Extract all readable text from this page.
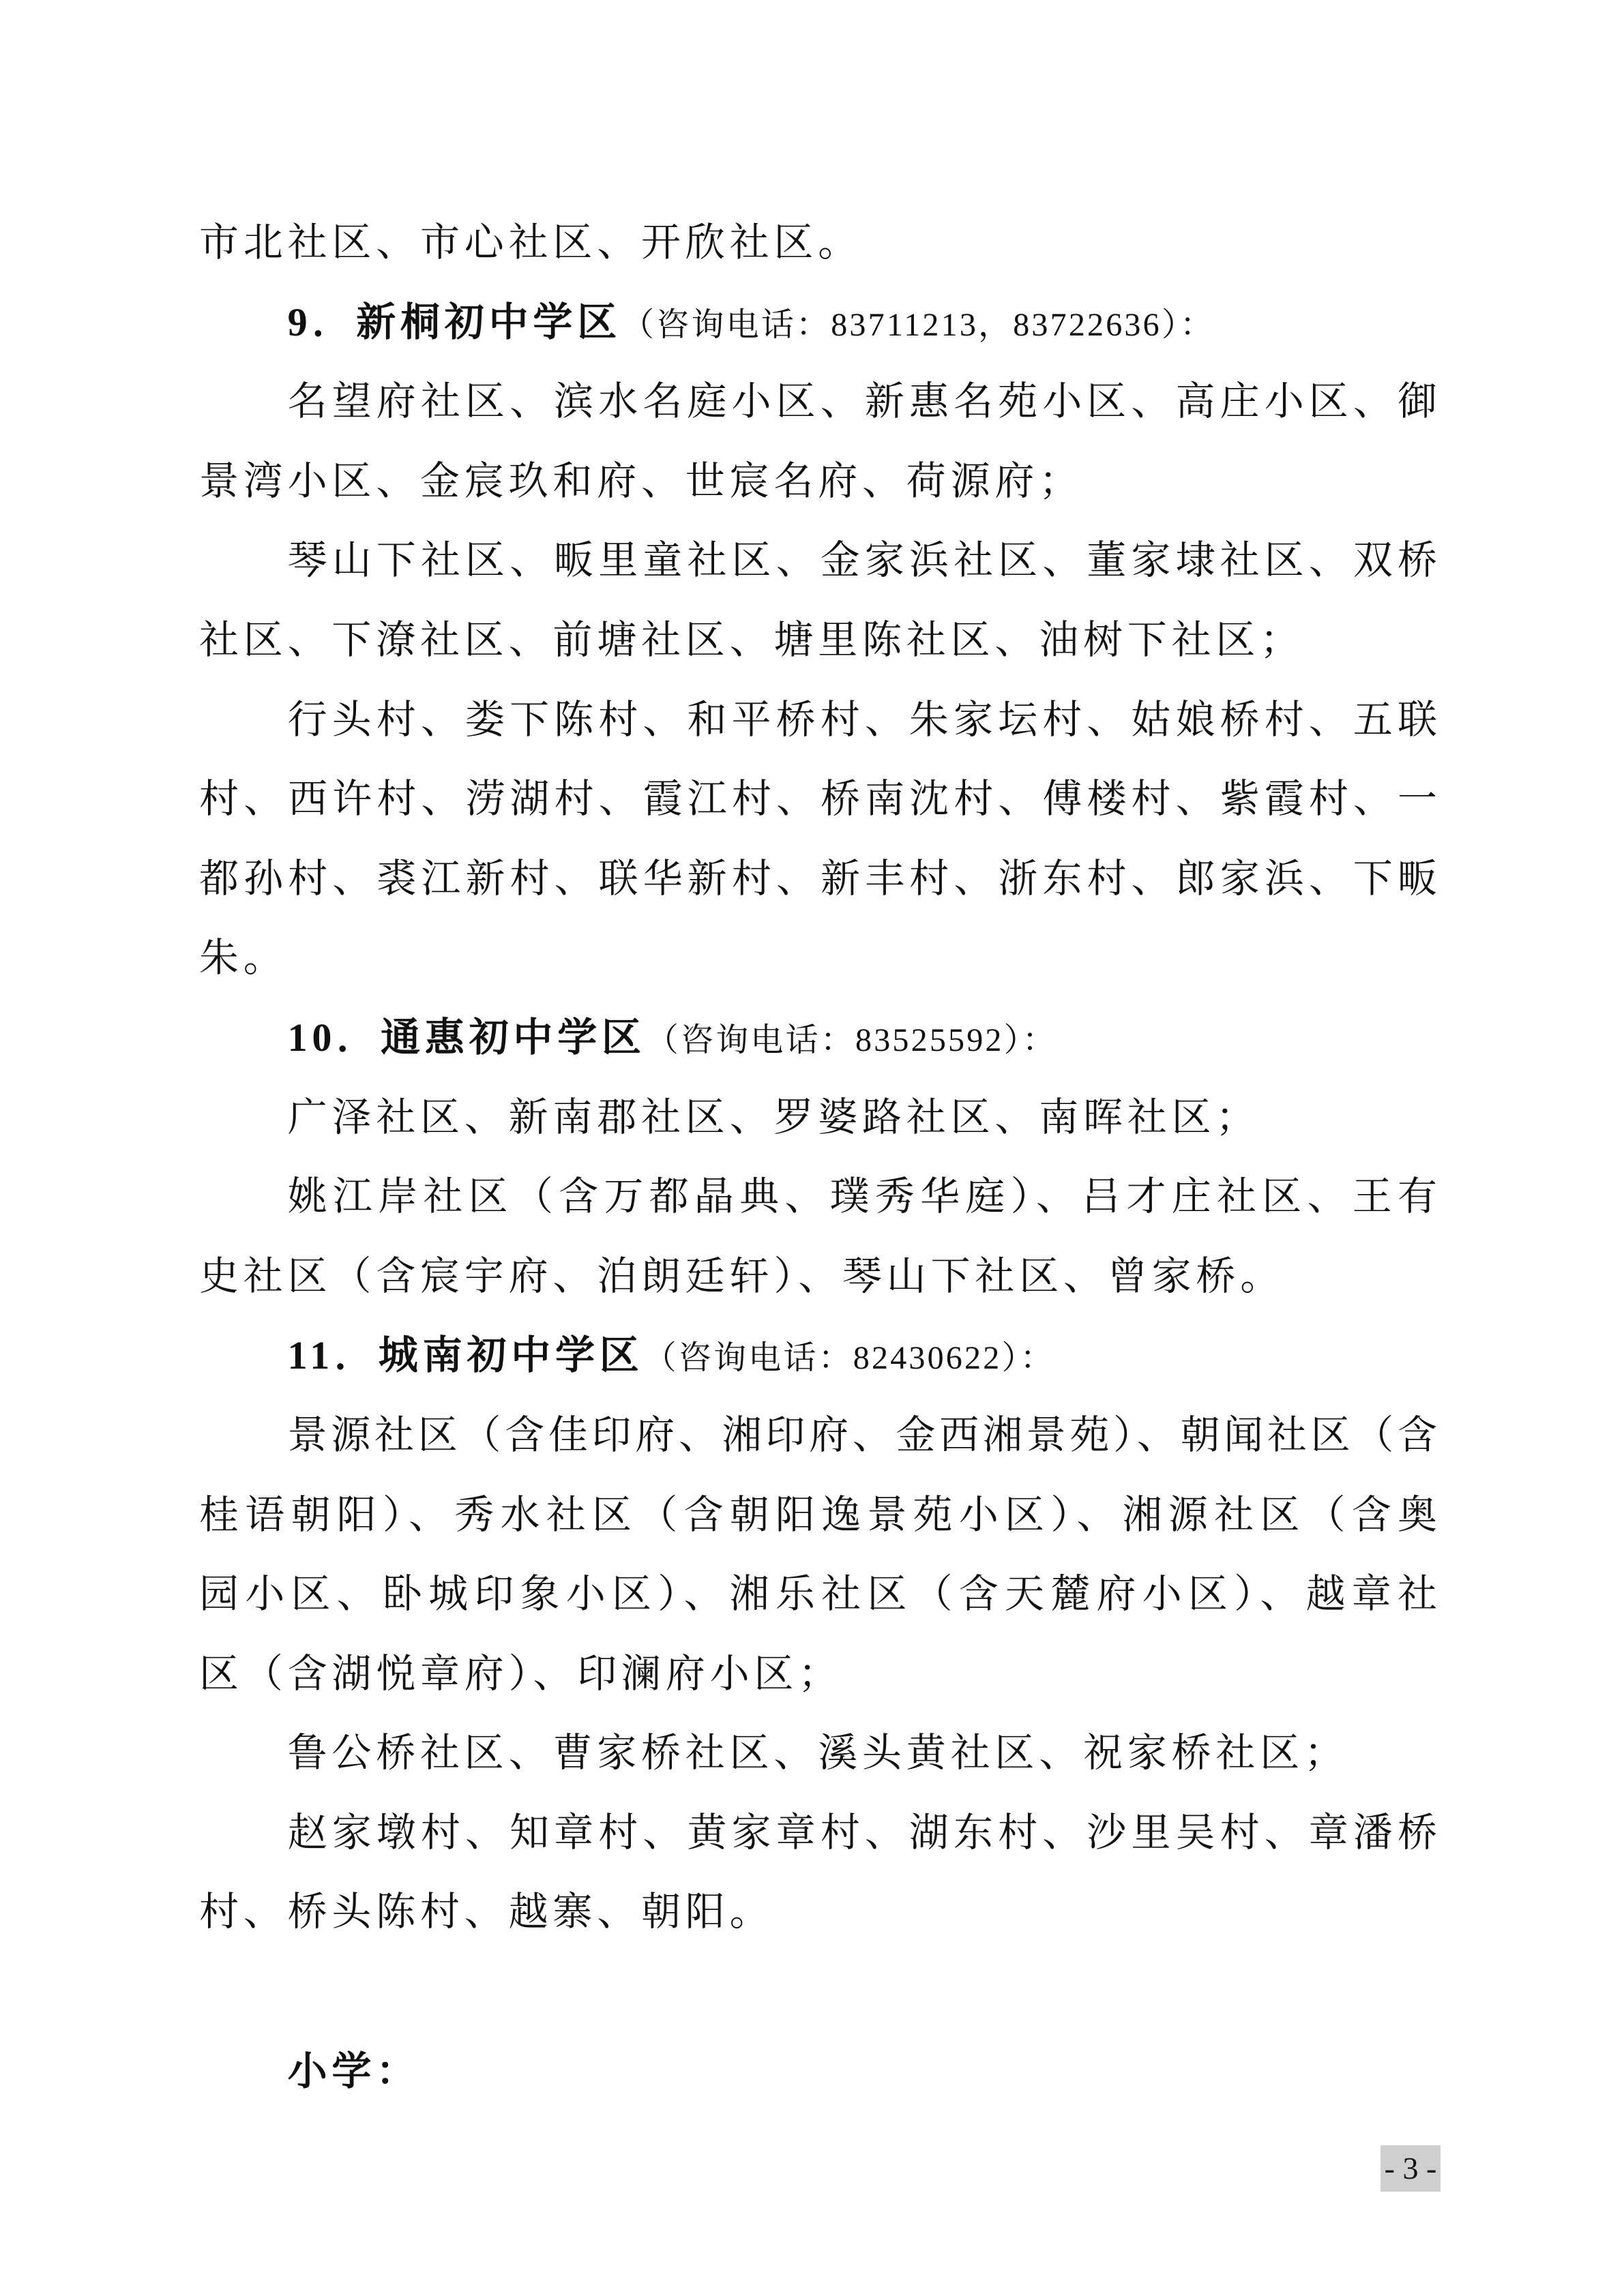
市北社区、市心社区、开欣社区。
9．新桐初中学区（咨询电话：83711213，83722636）：
名望府社区、滨水名庭小区、新惠名苑小区、高庄小区、御
景湾小区、金宸玖和府、世宸名府、荷源府；
琴山下社区、畈里童社区、金家浜社区、董家埭社区、双桥
社区、下潦社区、前塘社区、塘里陈社区、油树下社区；
行头村、娄下陈村、和平桥村、朱家坛村、姑娘桥村、五联
村、西许村、涝湖村、霞江村、桥南沈村、傅楼村、紫霞村、一
都孙村、裘江新村、联华新村、新丰村、浙东村、郎家浜、下畈
朱。
10．通惠初中学区（咨询电话：83525592）：
广泽社区、新南郡社区、罗婆路社区、南晖社区；
姚江岸社区（含万都晶典、璞秀华庭）、吕才庄社区、王有
史社区（含宸宇府、泊朗廷轩）、琴山下社区、曾家桥。
11．城南初中学区（咨询电话：82430622）：
景源社区（含佳印府、湘印府、金西湘景苑）、朝闻社区（含
桂语朝阳）、秀水社区（含朝阳逸景苑小区）、湘源社区（含奥
园小区、卧城印象小区）、湘乐社区（含天麓府小区）、越章社
区（含湖悦章府）、印澜府小区；
鲁公桥社区、曹家桥社区、溪头黄社区、祝家桥社区；
赵家墩村、知章村、黄家章村、湖东村、沙里吴村、章潘桥
村、桥头陈村、越寨、朝阳。
小学：
- 3 -
